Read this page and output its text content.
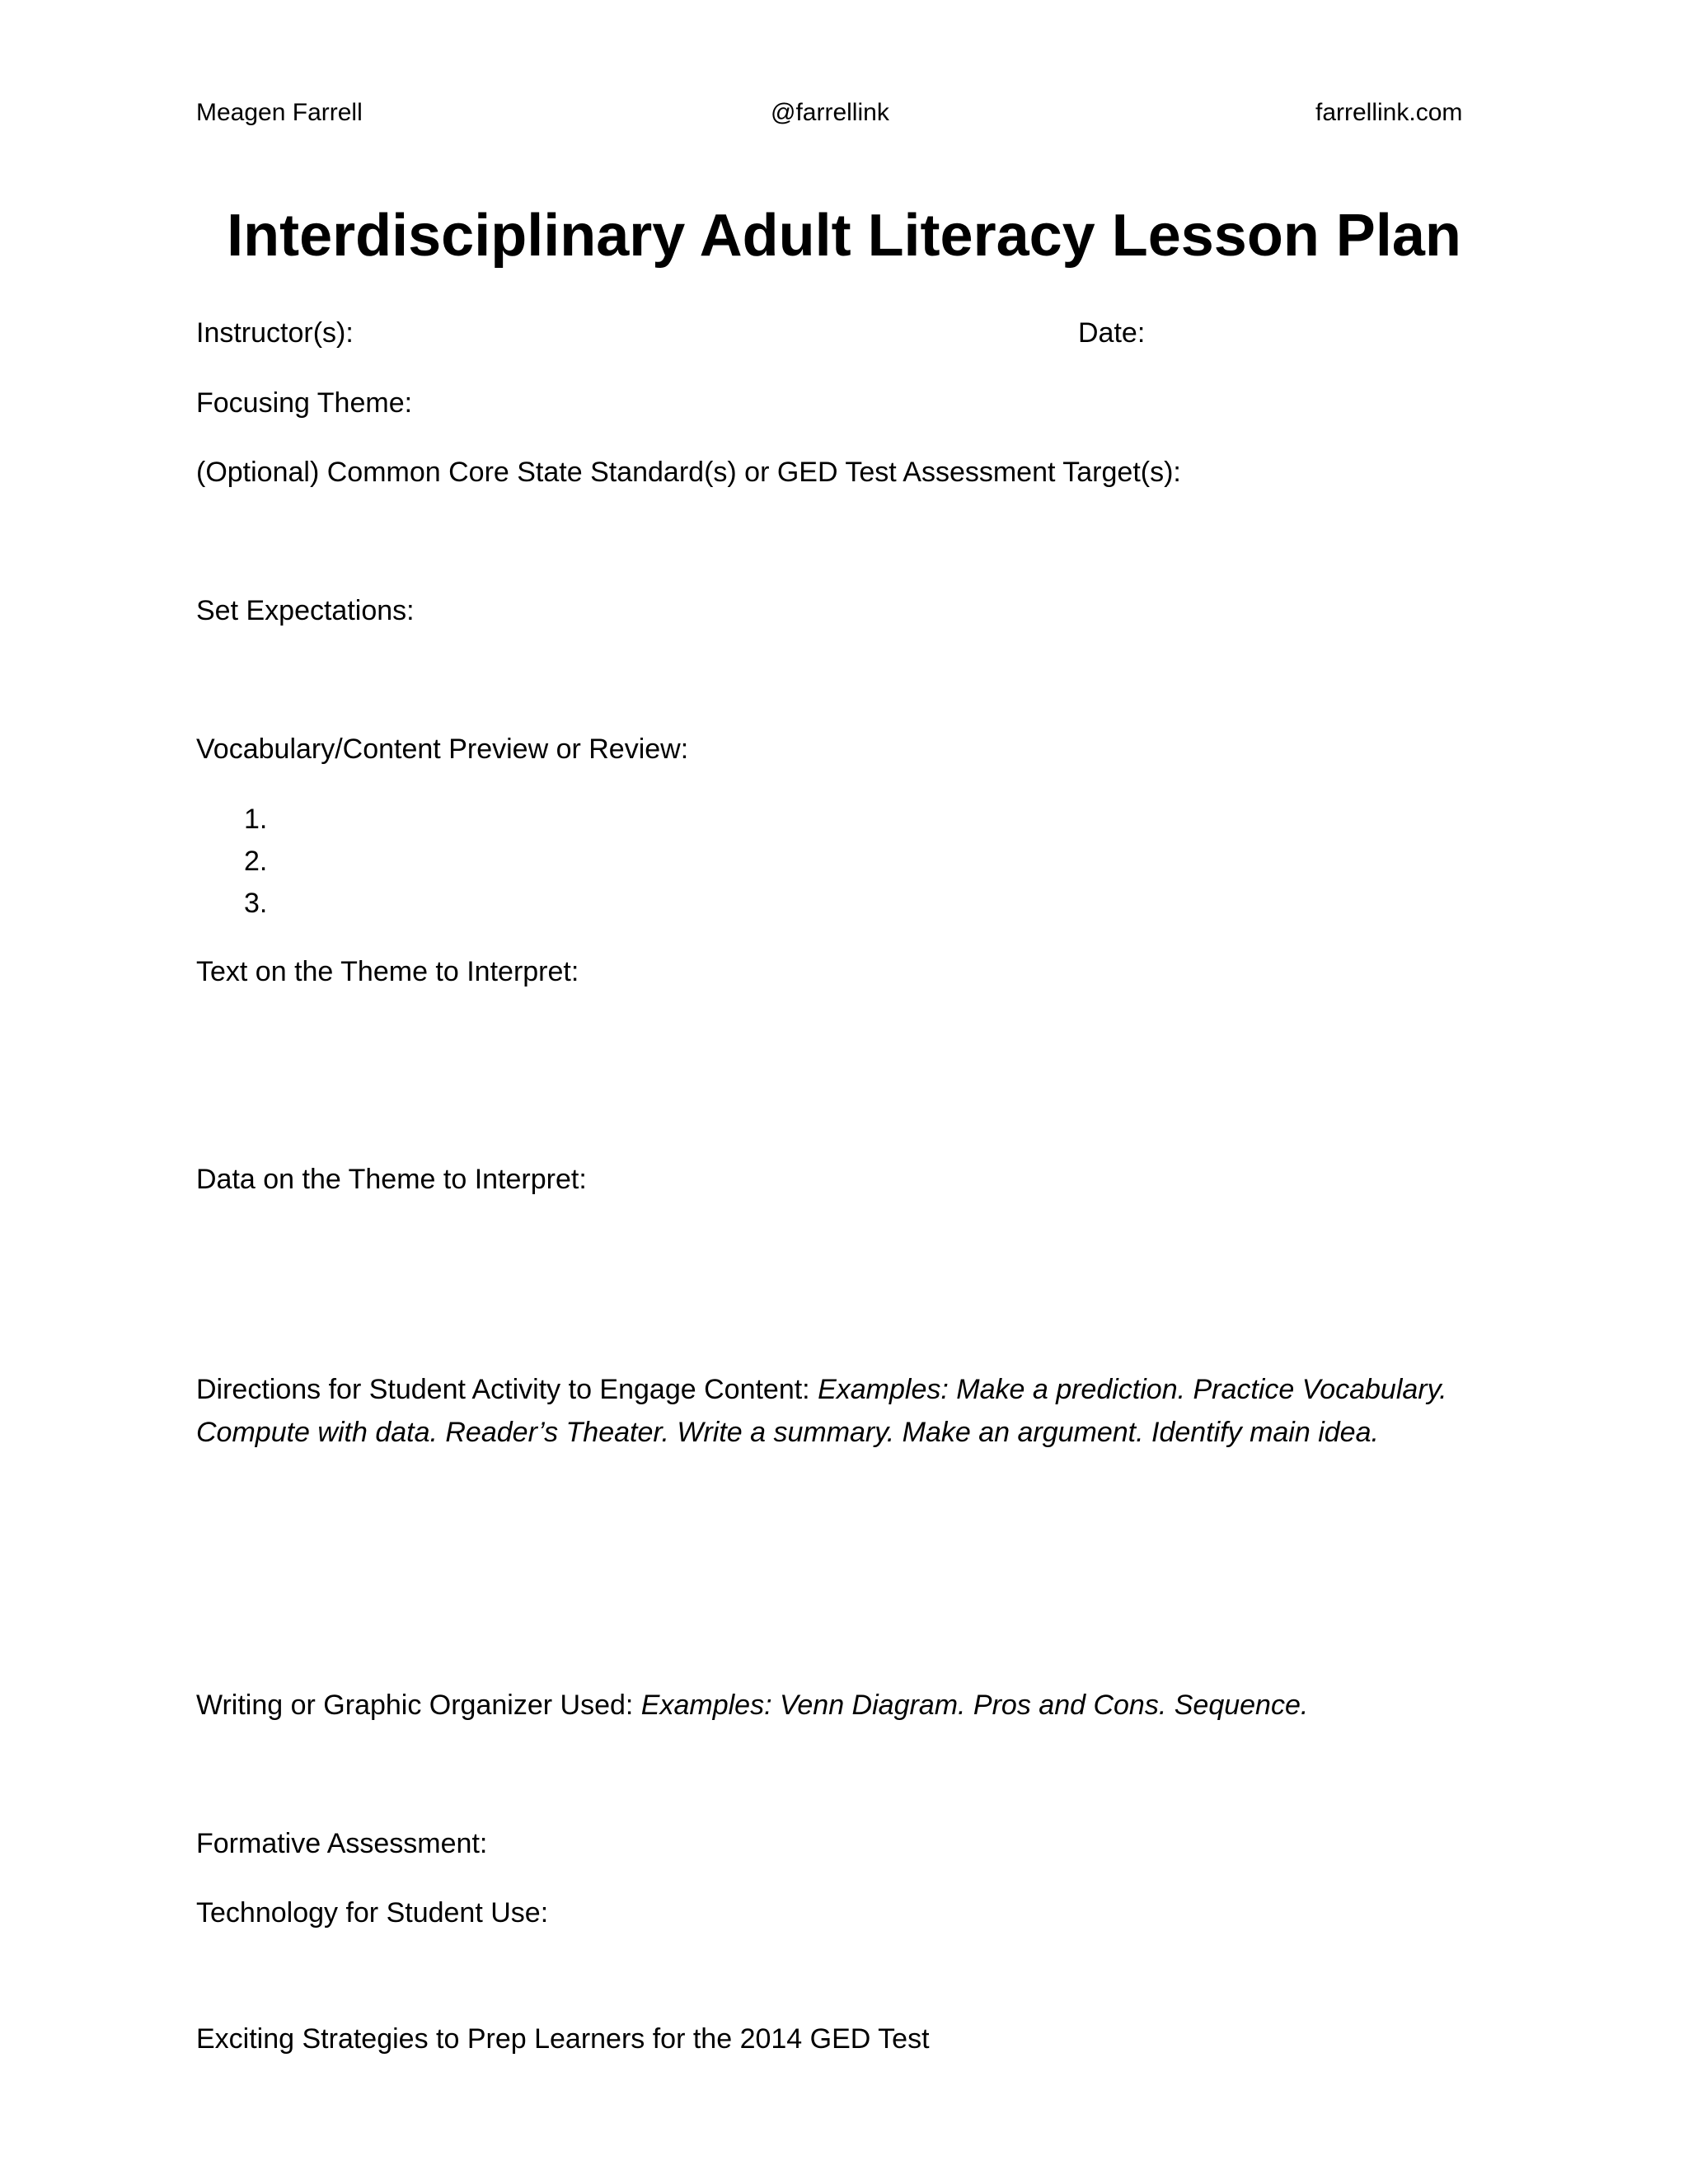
Meagen Farrell	@farrellink	farrellink.com
Interdisciplinary Adult Literacy Lesson Plan
Instructor(s):	Date:
Focusing Theme:
(Optional) Common Core State Standard(s) or GED Test Assessment Target(s):
Set Expectations:
Vocabulary/Content Preview or Review:
1.
2.
3.
Text on the Theme to Interpret:
Data on the Theme to Interpret:
Directions for Student Activity to Engage Content: Examples: Make a prediction. Practice Vocabulary. Compute with data. Reader’s Theater. Write a summary. Make an argument. Identify main idea.
Writing or Graphic Organizer Used: Examples: Venn Diagram. Pros and Cons. Sequence.
Formative Assessment:
Technology for Student Use:
Exciting Strategies to Prep Learners for the 2014 GED Test
